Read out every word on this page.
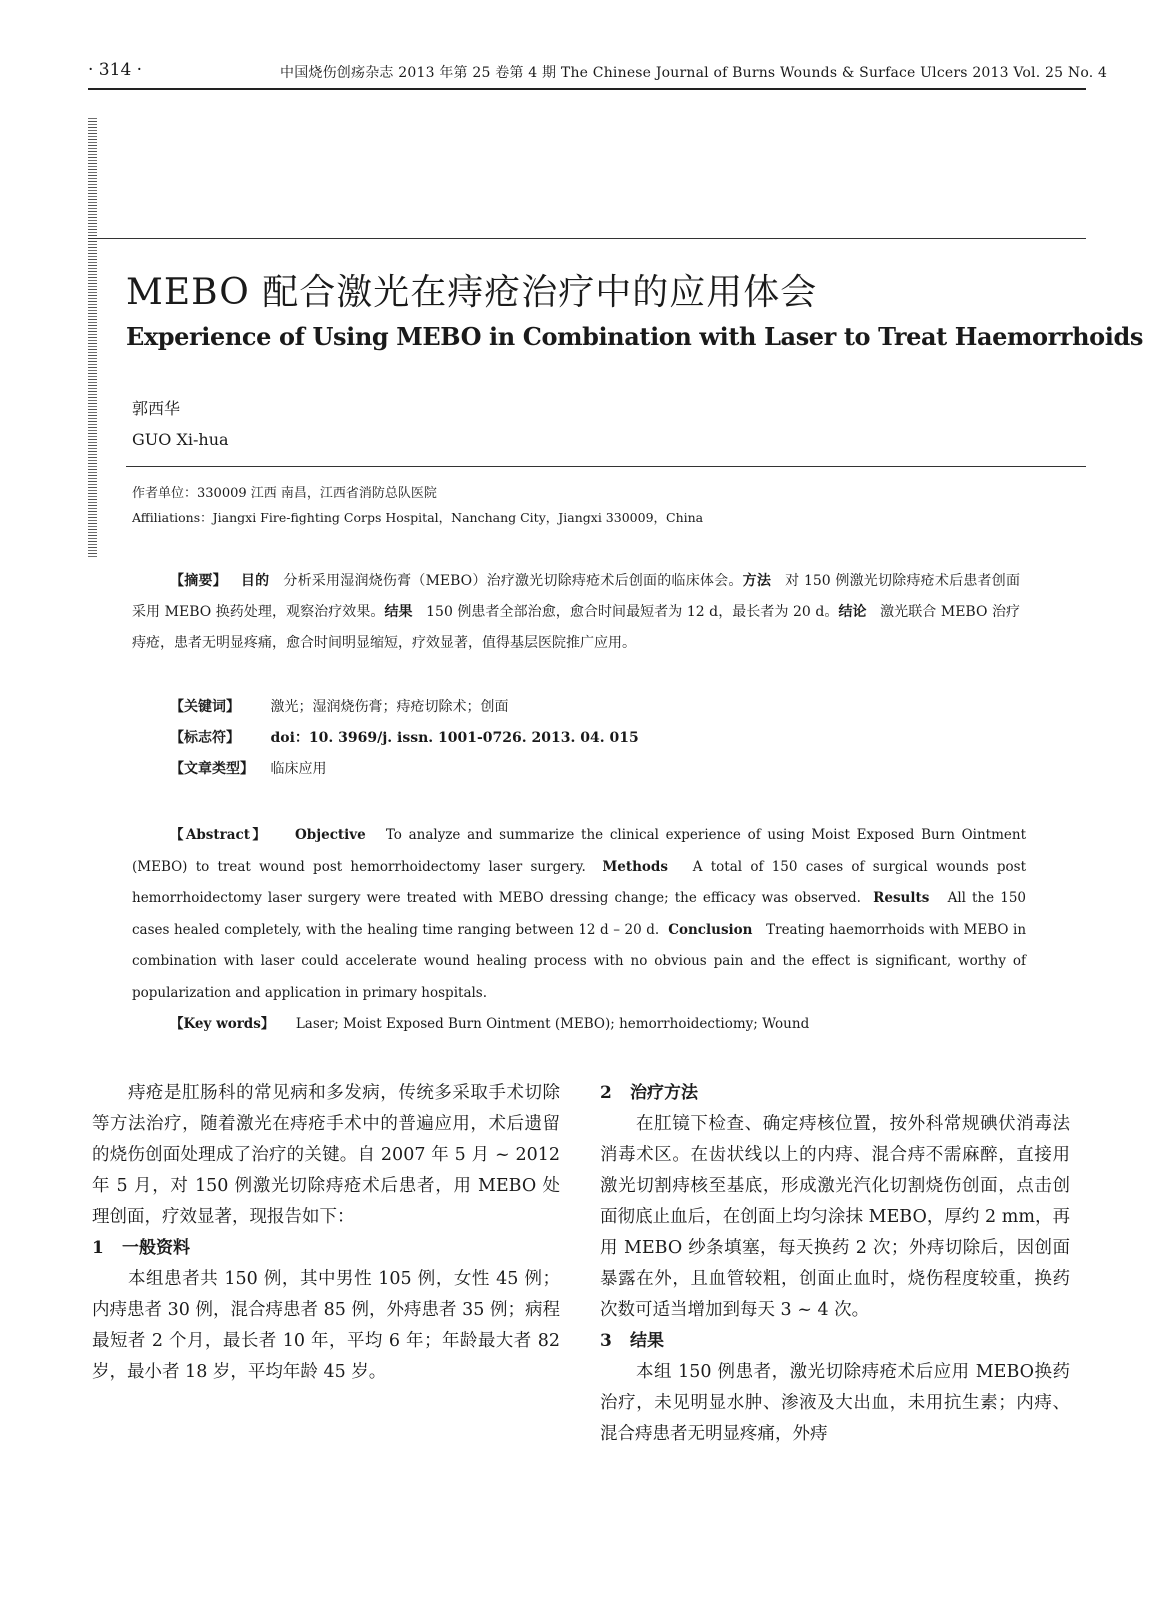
· 314 ·	中国烧伤创疡杂志 2013 年第 25 卷第 4 期 The Chinese Journal of Burns Wounds & Surface Ulcers 2013 Vol. 25 No. 4
MEBO 配合激光在痔疮治疗中的应用体会
Experience of Using MEBO in Combination with Laser to Treat Haemorrhoids
郭西华
GUO Xi-hua
作者单位：330009 江西 南昌，江西省消防总队医院
Affiliations：Jiangxi Fire-fighting Corps Hospital，Nanchang City，Jiangxi 330009，China
【摘要】 目的 分析采用湿润烧伤膏（MEBO）治疗激光切除痔疮术后创面的临床体会。方法 对 150 例激光切除痔疮术后患者创面采用 MEBO 换药处理，观察治疗效果。结果 150 例患者全部治愈，愈合时间最短者为 12 d，最长者为 20 d。结论 激光联合 MEBO 治疗痔疮，患者无明显疼痛，愈合时间明显缩短，疗效显著，值得基层医院推广应用。
【关键词】 激光；湿润烧伤膏；痔疮切除术；创面
【标志符】 doi：10. 3969/j. issn. 1001-0726. 2013. 04. 015
【文章类型】 临床应用
【Abstract】 Objective To analyze and summarize the clinical experience of using Moist Exposed Burn Ointment (MEBO) to treat wound post hemorrhoidectomy laser surgery. Methods A total of 150 cases of surgical wounds post hemorrhoidectomy laser surgery were treated with MEBO dressing change; the efficacy was observed. Results All the 150 cases healed completely, with the healing time ranging between 12 d – 20 d. Conclusion Treating haemorrhoids with MEBO in combination with laser could accelerate wound healing process with no obvious pain and the effect is significant, worthy of popularization and application in primary hospitals.
【Key words】 Laser; Moist Exposed Burn Ointment (MEBO); hemorrhoidectiomy; Wound

痔疮是肛肠科的常见病和多发病，传统多采取手术切除等方法治疗，随着激光在痔疮手术中的普遍应用，术后遗留的烧伤创面处理成了治疗的关键。自 2007 年 5 月 ~ 2012 年 5 月，对 150 例激光切除痔疮术后患者，用 MEBO 处理创面，疗效显著，现报告如下：

1 一般资料

本组患者共 150 例，其中男性 105 例，女性 45 例；内痔患者 30 例，混合痔患者 85 例，外痔患者 35 例；病程最短者 2 个月，最长者 10 年，平均 6 年；年龄最大者 82 岁，最小者 18 岁，平均年龄 45 岁。

2 治疗方法

在肛镜下检查、确定痔核位置，按外科常规碘伏消毒法消毒术区。在齿状线以上的内痔、混合痔不需麻醉，直接用激光切割痔核至基底，形成激光汽化切割烧伤创面，点击创面彻底止血后，在创面上均匀涂抹 MEBO，厚约 2 mm，再用 MEBO 纱条填塞，每天换药 2 次；外痔切除后，因创面暴露在外，且血管较粗，创面止血时，烧伤程度较重，换药次数可适当增加到每天 3 ~ 4 次。

3 结果

本组 150 例患者，激光切除痔疮术后应用 MEBO换药治疗，未见明显水肿、渗液及大出血，未用抗生素；内痔、混合痔患者无明显疼痛，外痔
